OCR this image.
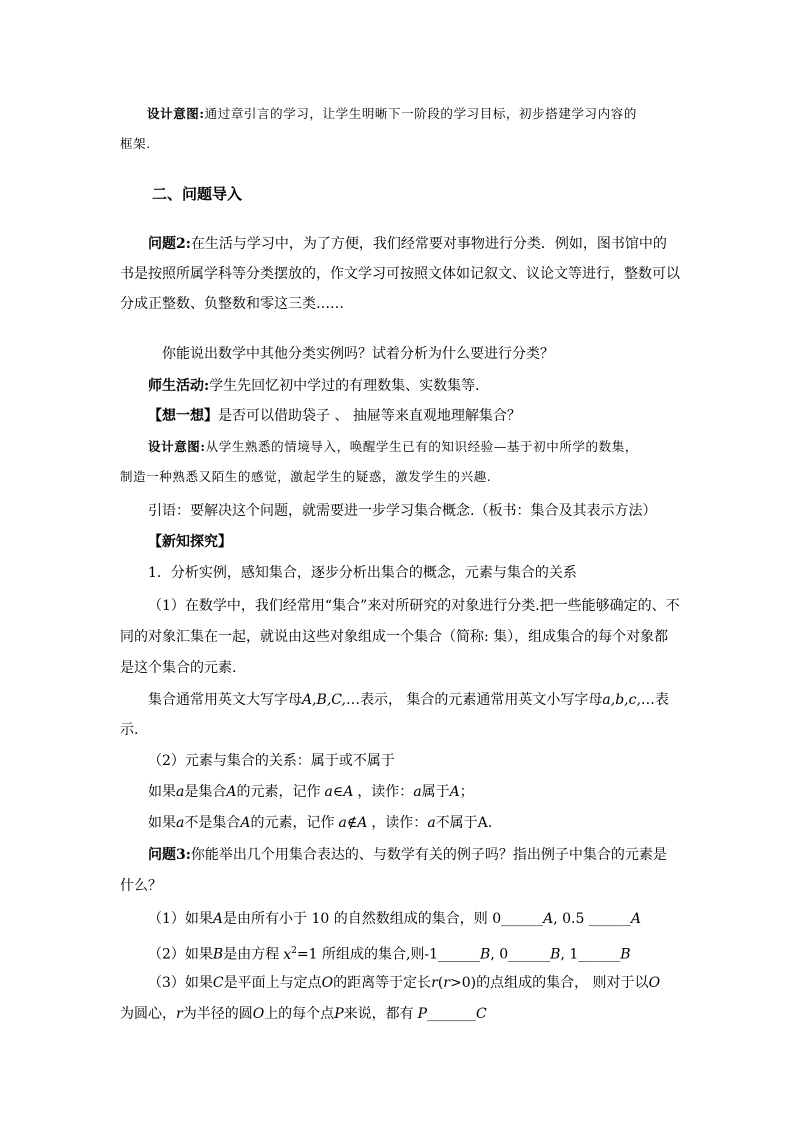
设计意图:通过章引言的学习，让学生明晰下一阶段的学习目标，初步搭建学习内容的
框架.
二、问题导入
问题2:在生活与学习中，为了方便，我们经常要对事物进行分类．例如，图书馆中的
书是按照所属学科等分类摆放的，作文学习可按照文体如记叙文、议论文等进行，整数可以
分成正整数、负整数和零这三类……
你能说出数学中其他分类实例吗？试着分析为什么要进行分类？
师生活动:学生先回忆初中学过的有理数集、实数集等．
【想一想】是否可以借助袋子 、 抽屉等来直观地理解集合？
设计意图:从学生熟悉的情境导入，唤醒学生已有的知识经验—基于初中所学的数集，
制造一种熟悉又陌生的感觉，激起学生的疑惑，激发学生的兴趣.
引语：要解决这个问题，就需要进一步学习集合概念.（板书：集合及其表示方法）
【新知探究】
1．分析实例，感知集合，逐步分析出集合的概念，元素与集合的关系
（1）在数学中，我们经常用“集合”来对所研究的对象进行分类.把一些能够确定的、不
同的对象汇集在一起，就说由这些对象组成一个集合（简称: 集），组成集合的每个对象都
是这个集合的元素.
集合通常用英文大写字母A,B,C,…表示， 集合的元素通常用英文小写字母a,b,c,…表
示.
（2）元素与集合的关系：属于或不属于
如果a是集合A的元素，记作 a∈A ，读作：a属于A；
如果a不是集合A的元素，记作 a∉A ，读作：a不属于A.
问题3:你能举出几个用集合表达的、与数学有关的例子吗？指出例子中集合的元素是
什么？
（1）如果A是由所有小于 10 的自然数组成的集合，则 0______A, 0.5 ______A
（2）如果B是由方程 $x^2=1$ 所组成的集合,则-1______B, 0______B, 1______B
（3）如果C是平面上与定点O的距离等于定长r(r>0)的点组成的集合， 则对于以O
为圆心，r为半径的圆O上的每个点P来说，都有 P_______C
